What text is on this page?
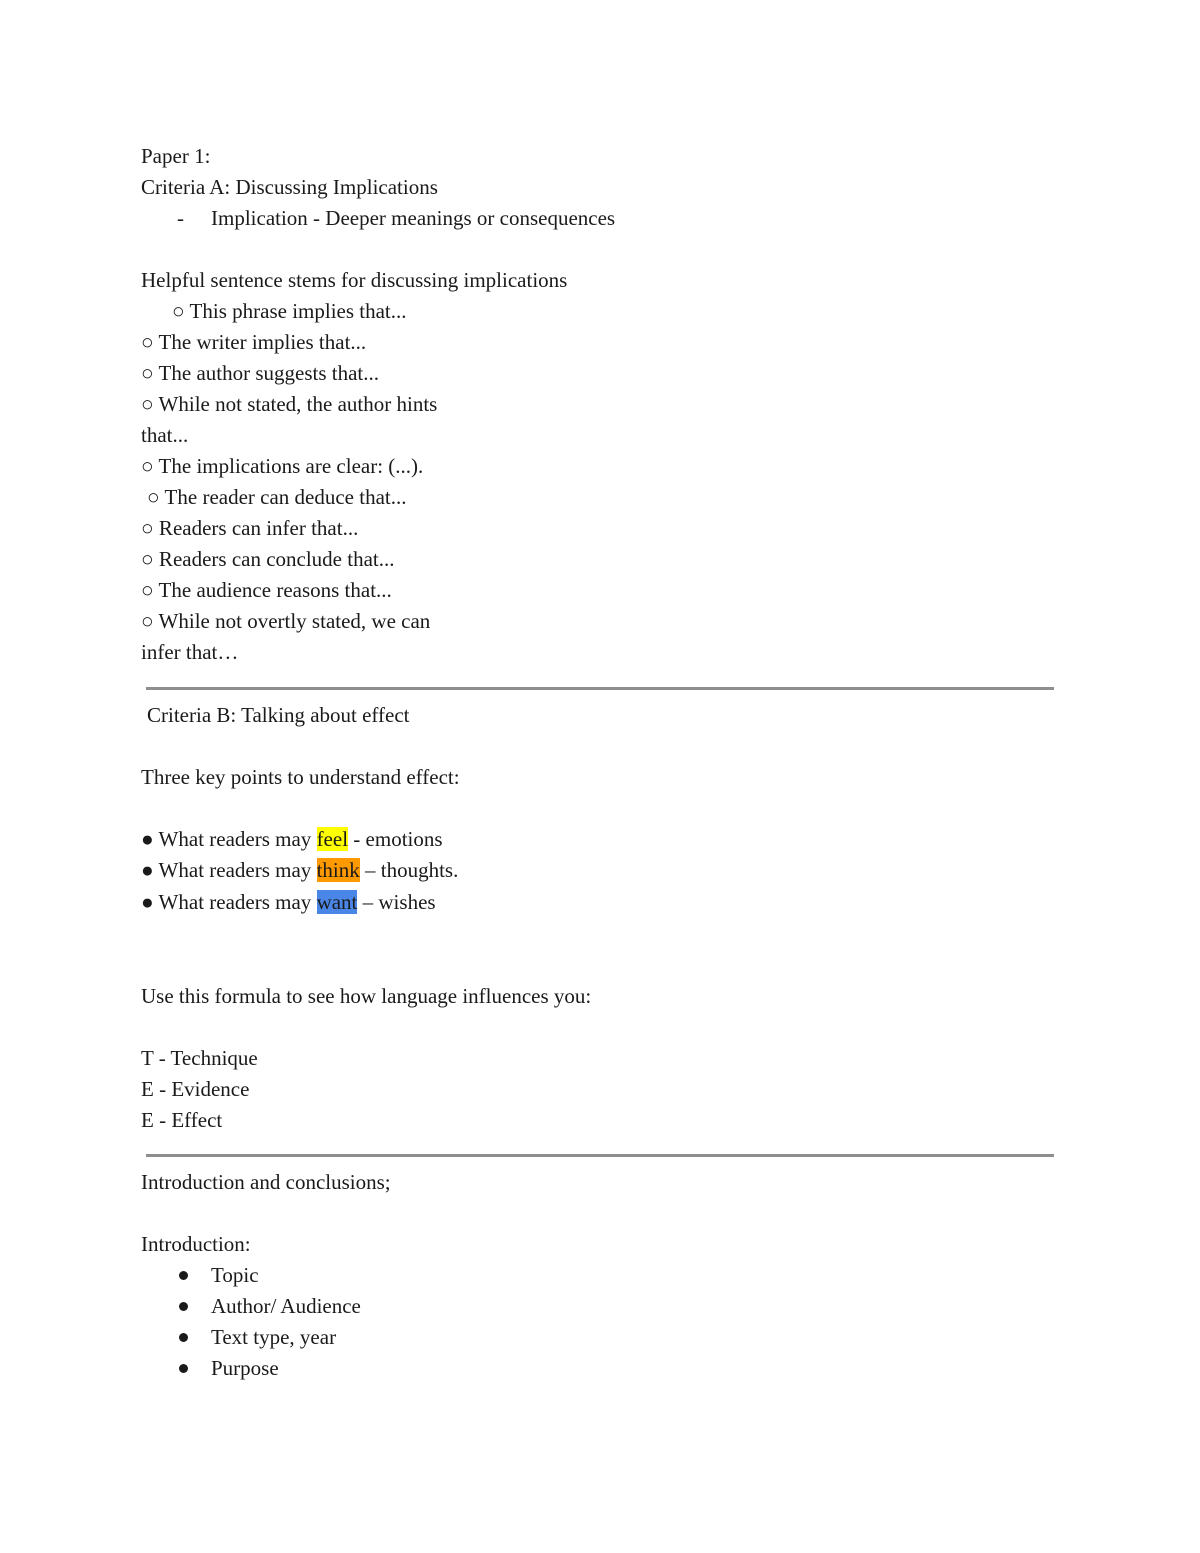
Paper 1:
Criteria A: Discussing Implications
- Implication - Deeper meanings or consequences
Helpful sentence stems for discussing implications
○ This phrase implies that...
○ The writer implies that...
○ The author suggests that...
○ While not stated, the author hints
that...
○ The implications are clear: (...).
○ The reader can deduce that...
○ Readers can infer that...
○ Readers can conclude that...
○ The audience reasons that...
○ While not overtly stated, we can
infer that…
Criteria B: Talking about effect
Three key points to understand effect:
● What readers may feel - emotions
● What readers may think – thoughts.
● What readers may want – wishes
Use this formula to see how language influences you:
T - Technique
E - Evidence
E - Effect
Introduction and conclusions;
Introduction:
Topic
Author/ Audience
Text type, year
Purpose
